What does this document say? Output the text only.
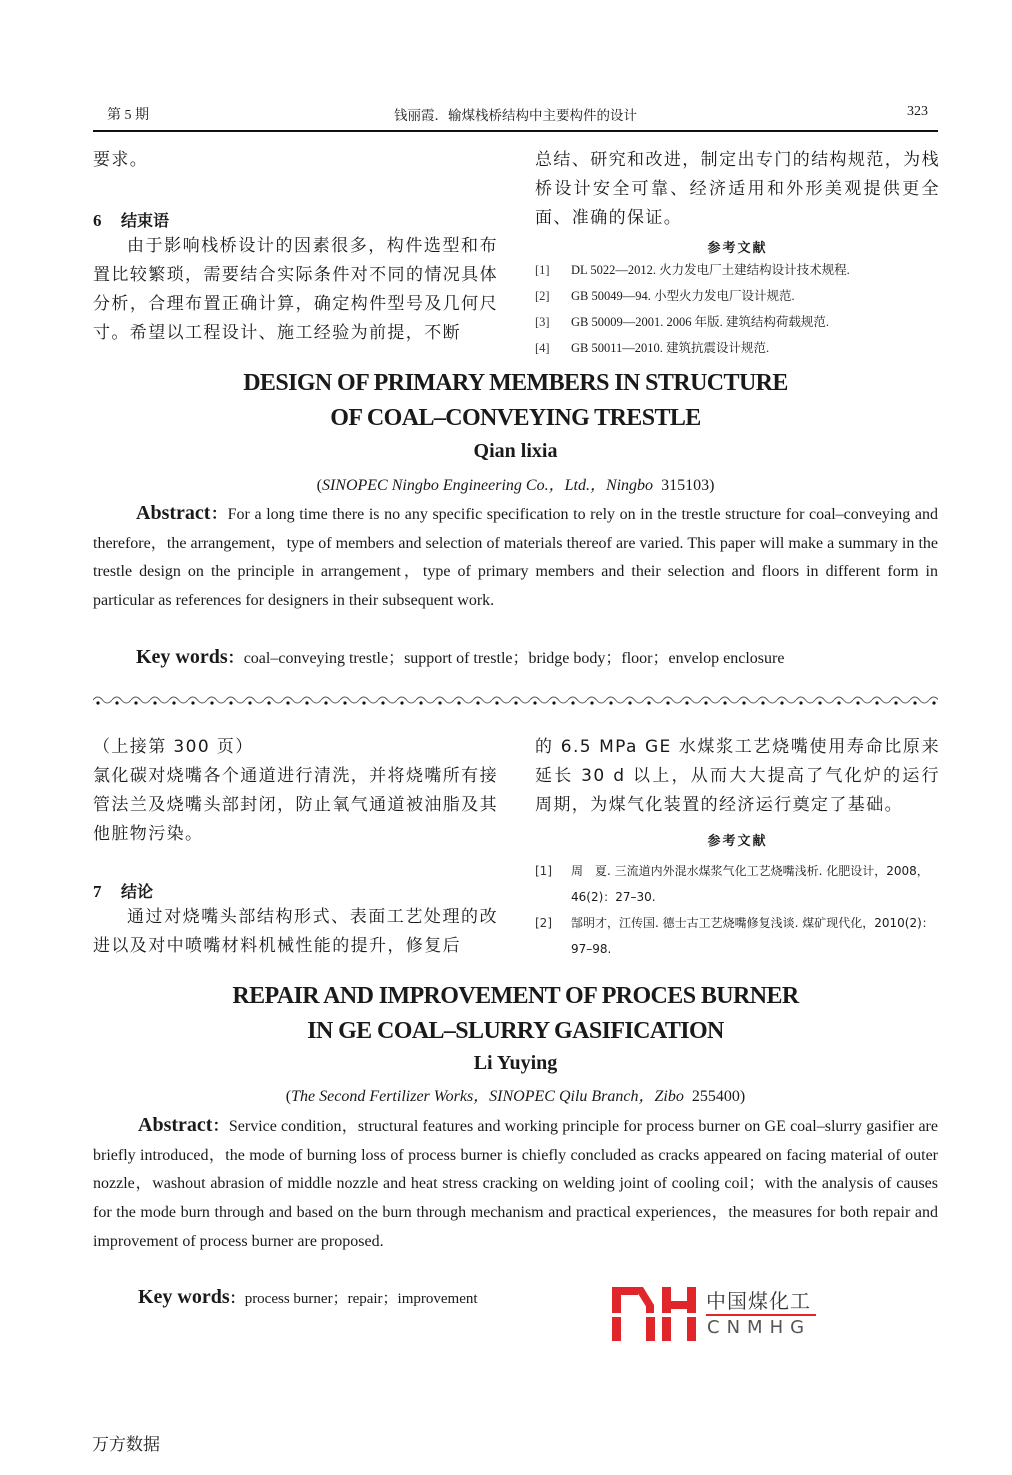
第 5 期	钱丽霞．输煤栈桥结构中主要构件的设计	323
要求。
6 结束语
由于影响栈桥设计的因素很多，构件选型和布置比较繁琐，需要结合实际条件对不同的情况具体分析，合理布置正确计算，确定构件型号及几何尺寸。希望以工程设计、施工经验为前提，不断
总结、研究和改进，制定出专门的结构规范，为栈桥设计安全可靠、经济适用和外形美观提供更全面、准确的保证。
参考文献
[1]	DL 5022—2012. 火力发电厂土建结构设计技术规程.
[2]	GB 50049—94. 小型火力发电厂设计规范.
[3]	GB 50009—2001. 2006 年版. 建筑结构荷载规范.
[4]	GB 50011—2010. 建筑抗震设计规范.
DESIGN OF PRIMARY MEMBERS IN STRUCTURE
OF COAL–CONVEYING TRESTLE
Qian lixia
(SINOPEC Ningbo Engineering Co.，Ltd.，Ningbo 315103)
Abstract：For a long time there is no any specific specification to rely on in the trestle structure for coal–conveying and therefore，the arrangement，type of members and selection of materials thereof are varied. This paper will make a summary in the trestle design on the principle in arrangement，type of primary members and their selection and floors in different form in particular as references for designers in their subsequent work.
Key words：coal–conveying trestle；support of trestle；bridge body；floor；envelop enclosure
（上接第 300 页）
氯化碳对烧嘴各个通道进行清洗，并将烧嘴所有接管法兰及烧嘴头部封闭，防止氧气通道被油脂及其他脏物污染。
7 结论
通过对烧嘴头部结构形式、表面工艺处理的改进以及对中喷嘴材料机械性能的提升，修复后
的 6.5 MPa GE 水煤浆工艺烧嘴使用寿命比原来延长 30 d 以上，从而大大提高了气化炉的运行周期，为煤气化装置的经济运行奠定了基础。
参考文献
[1]	周　夏. 三流道内外混水煤浆气化工艺烧嘴浅析. 化肥设计，2008，46(2)：27–30.
[2]	郜明才，江传国. 德士古工艺烧嘴修复浅谈. 煤矿现代化，2010(2)：97–98.
REPAIR AND IMPROVEMENT OF PROCES BURNER
IN GE COAL–SLURRY GASIFICATION
Li Yuying
(The Second Fertilizer Works，SINOPEC Qilu Branch，Zibo 255400)
Abstract：Service condition，structural features and working principle for process burner on GE coal–slurry gasifier are briefly introduced，the mode of burning loss of process burner is chiefly concluded as cracks appeared on facing material of outer nozzle，washout abrasion of middle nozzle and heat stress cracking on welding joint of cooling coil；with the analysis of causes for the mode burn through and based on the burn through mechanism and practical experiences，the measures for both repair and improvement of process burner are proposed.
Key words：process burner；repair；improvement	中国煤化工
CNMHG
万方数据
